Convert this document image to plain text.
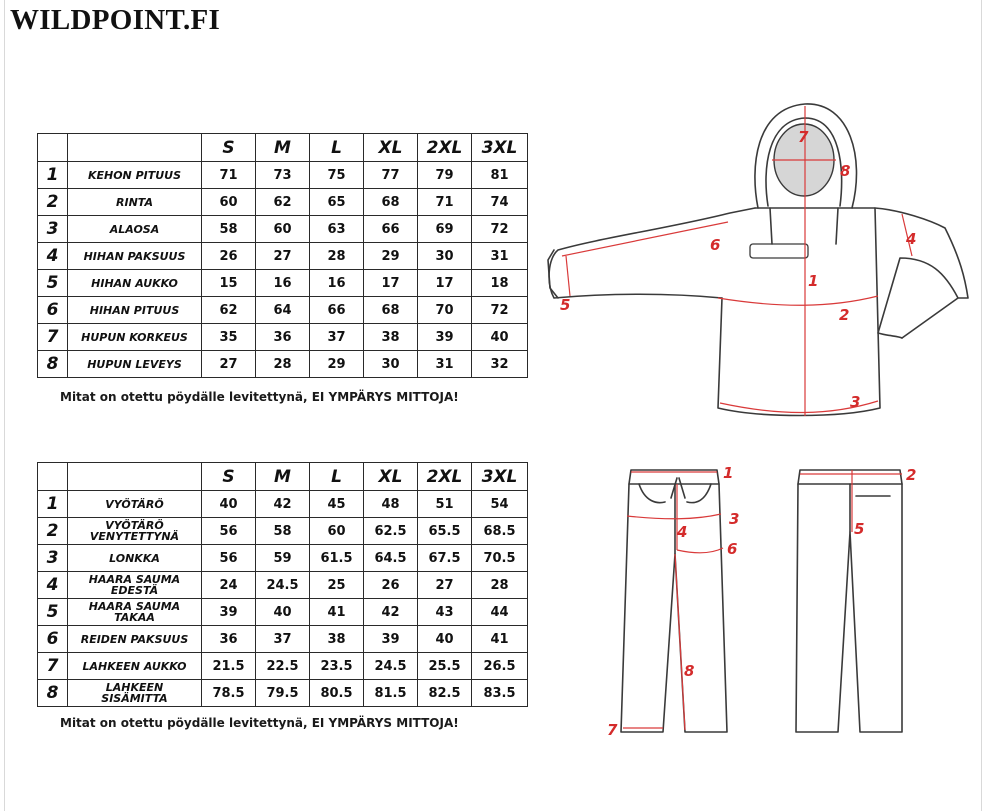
WILDPOINT.FI
		S	M	L	XL	2XL	3XL
1	KEHON PITUUS	71	73	75	77	79	81
2	RINTA	60	62	65	68	71	74
3	ALAOSA	58	60	63	66	69	72
4	HIHAN PAKSUUS	26	27	28	29	30	31
5	HIHAN AUKKO	15	16	16	17	17	18
6	HIHAN PITUUS	62	64	66	68	70	72
7	HUPUN KORKEUS	35	36	37	38	39	40
8	HUPUN LEVEYS	27	28	29	30	31	32
Mitat on otettu pöydälle levitettynä, EI YMPÄRYS MITTOJA!
		S	M	L	XL	2XL	3XL
1	VYÖTÄRÖ	40	42	45	48	51	54
2	VYÖTÄRÖ VENYTETTYNÄ	56	58	60	62.5	65.5	68.5
3	LONKKA	56	59	61.5	64.5	67.5	70.5
4	HAARA SAUMA EDESTÄ	24	24.5	25	26	27	28
5	HAARA SAUMA TAKAA	39	40	41	42	43	44
6	REIDEN PAKSUUS	36	37	38	39	40	41
7	LAHKEEN AUKKO	21.5	22.5	23.5	24.5	25.5	26.5
8	LAHKEEN SISÄMITTA	78.5	79.5	80.5	81.5	82.5	83.5
Mitat on otettu pöydälle levitettynä, EI YMPÄRYS MITTOJA!
1
2
3
4
5
6
7
8
1
3
4
6
7
8
2
5
